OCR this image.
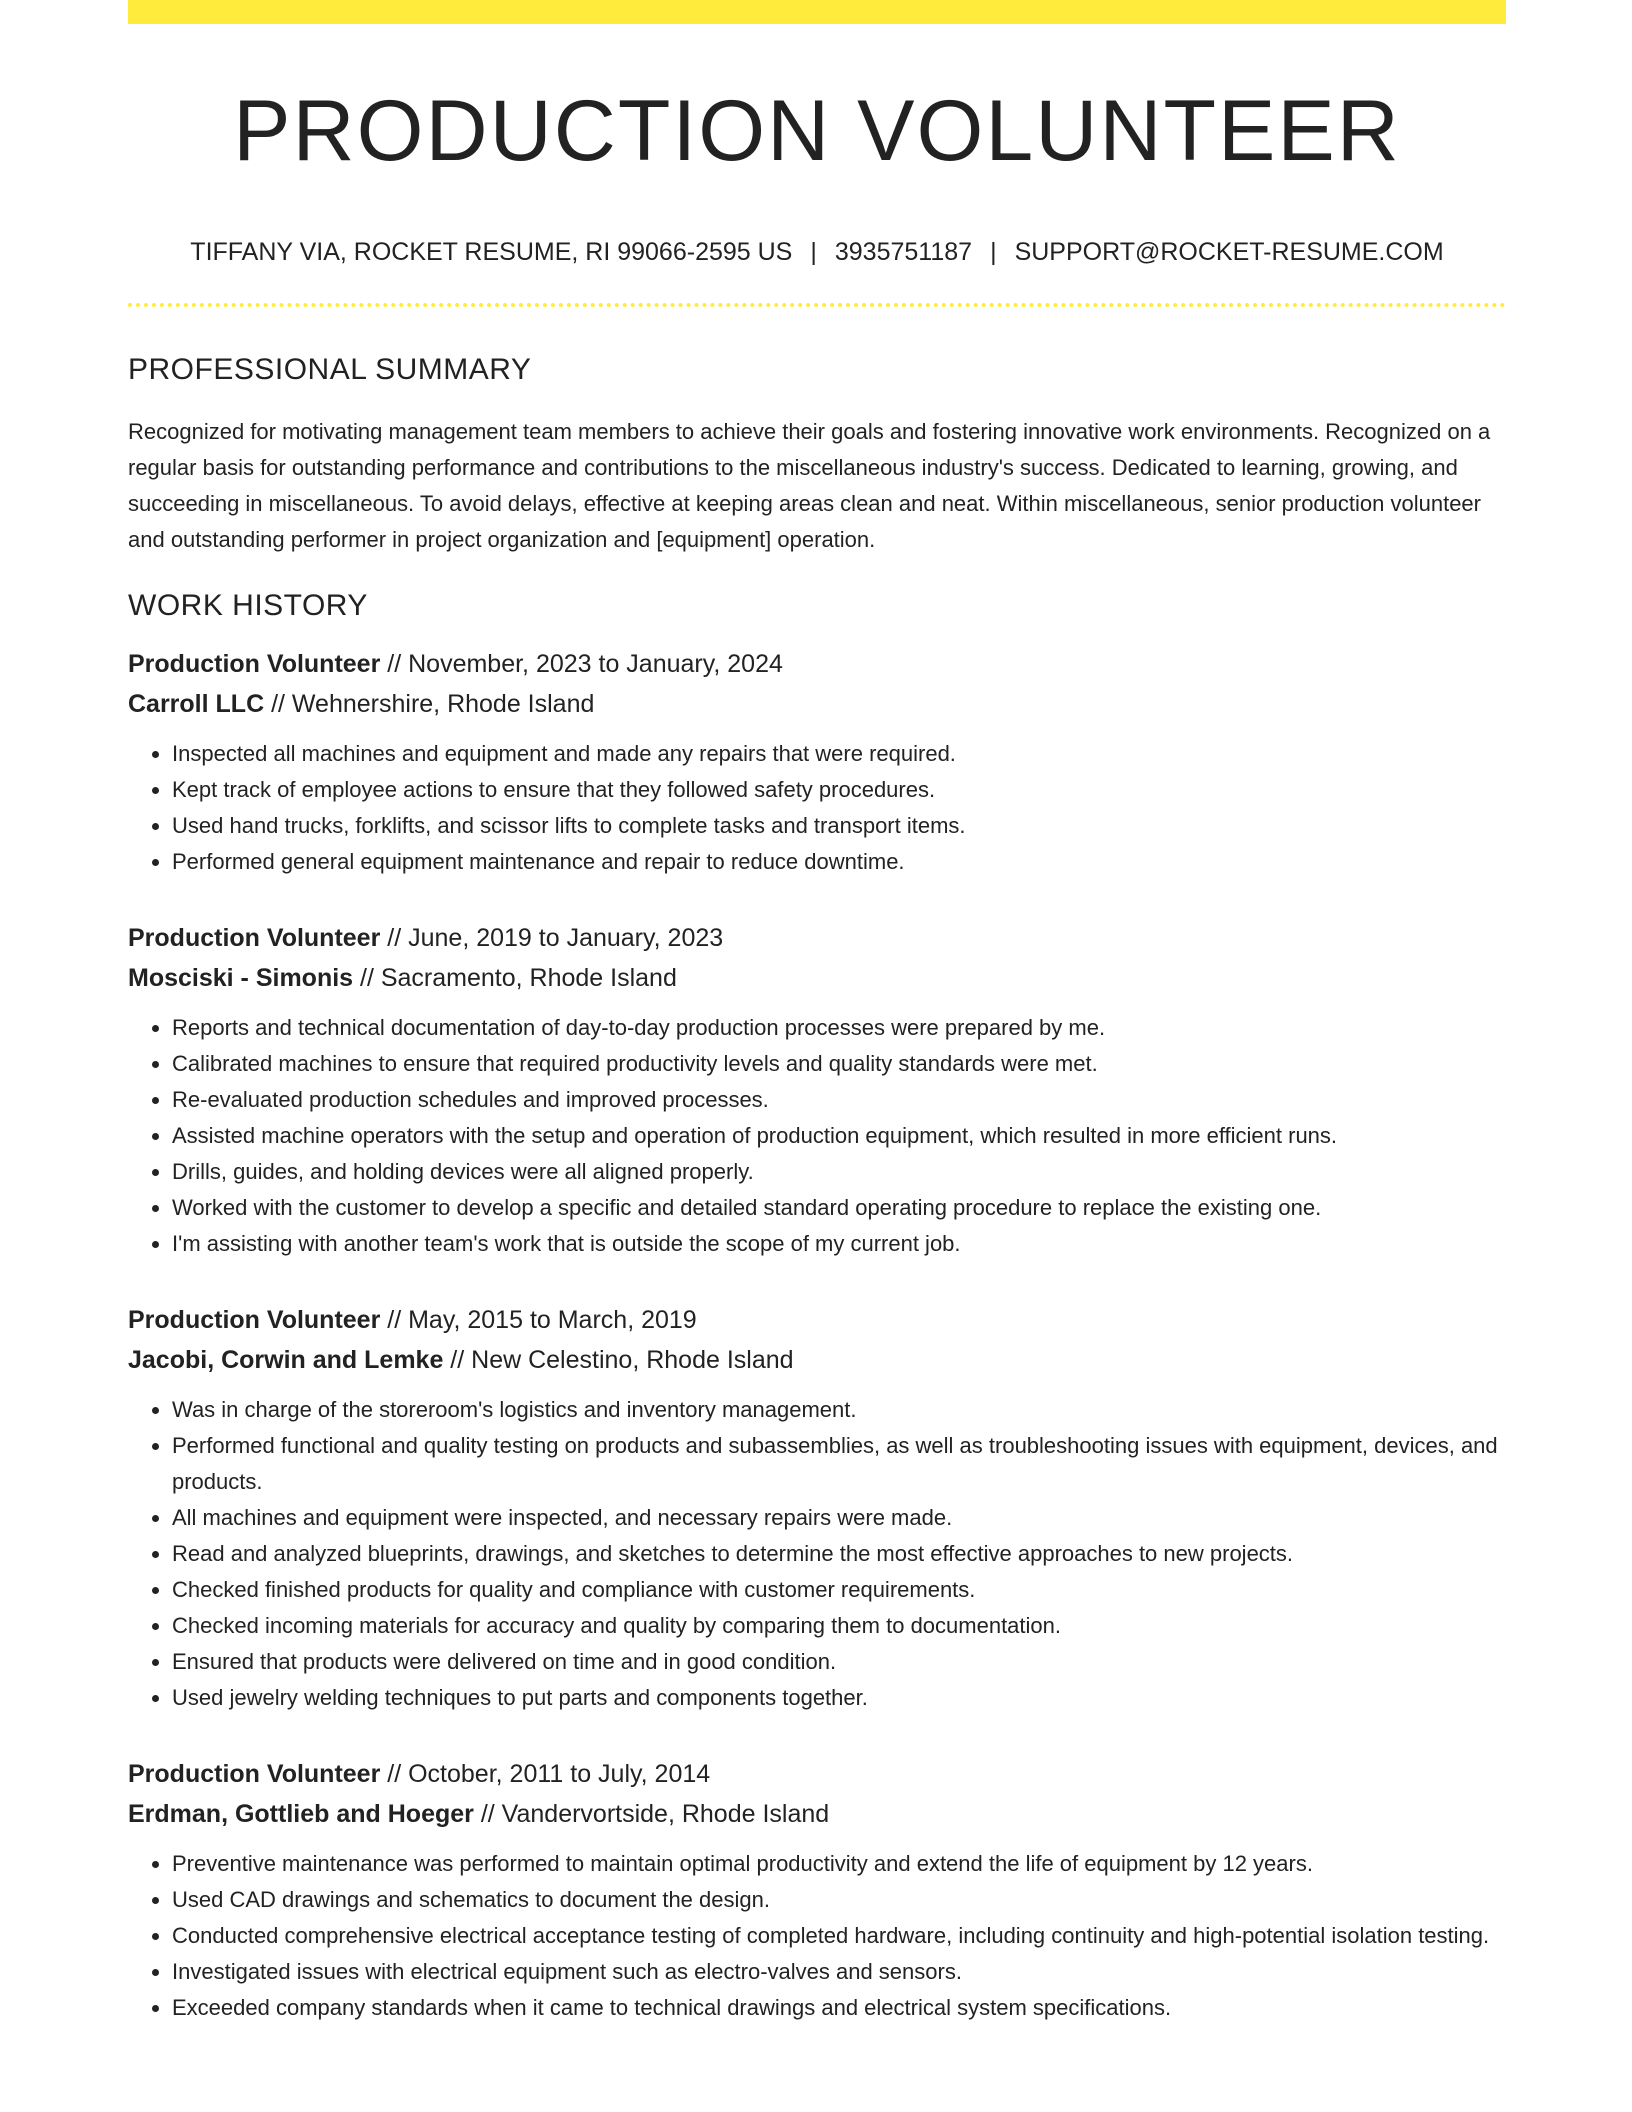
PRODUCTION VOLUNTEER
TIFFANY VIA, ROCKET RESUME, RI 99066-2595 US | 3935751187 | SUPPORT@ROCKET-RESUME.COM
PROFESSIONAL SUMMARY

Recognized for motivating management team members to achieve their goals and fostering innovative work environments. Recognized on a regular basis for outstanding performance and contributions to the miscellaneous industry's success. Dedicated to learning, growing, and succeeding in miscellaneous. To avoid delays, effective at keeping areas clean and neat. Within miscellaneous, senior production volunteer and outstanding performer in project organization and [equipment] operation.

WORK HISTORY
Production Volunteer // November, 2023 to January, 2024
Carroll LLC // Wehnershire, Rhode Island
• Inspected all machines and equipment and made any repairs that were required.
• Kept track of employee actions to ensure that they followed safety procedures.
• Used hand trucks, forklifts, and scissor lifts to complete tasks and transport items.
• Performed general equipment maintenance and repair to reduce downtime.
Production Volunteer // June, 2019 to January, 2023
Mosciski - Simonis // Sacramento, Rhode Island
• Reports and technical documentation of day-to-day production processes were prepared by me.
• Calibrated machines to ensure that required productivity levels and quality standards were met.
• Re-evaluated production schedules and improved processes.
• Assisted machine operators with the setup and operation of production equipment, which resulted in more efficient runs.
• Drills, guides, and holding devices were all aligned properly.
• Worked with the customer to develop a specific and detailed standard operating procedure to replace the existing one.
• I'm assisting with another team's work that is outside the scope of my current job.
Production Volunteer // May, 2015 to March, 2019
Jacobi, Corwin and Lemke // New Celestino, Rhode Island
• Was in charge of the storeroom's logistics and inventory management.
• Performed functional and quality testing on products and subassemblies, as well as troubleshooting issues with equipment, devices, and products.
• All machines and equipment were inspected, and necessary repairs were made.
• Read and analyzed blueprints, drawings, and sketches to determine the most effective approaches to new projects.
• Checked finished products for quality and compliance with customer requirements.
• Checked incoming materials for accuracy and quality by comparing them to documentation.
• Ensured that products were delivered on time and in good condition.
• Used jewelry welding techniques to put parts and components together.
Production Volunteer // October, 2011 to July, 2014
Erdman, Gottlieb and Hoeger // Vandervortside, Rhode Island
• Preventive maintenance was performed to maintain optimal productivity and extend the life of equipment by 12 years.
• Used CAD drawings and schematics to document the design.
• Conducted comprehensive electrical acceptance testing of completed hardware, including continuity and high-potential isolation testing.
• Investigated issues with electrical equipment such as electro-valves and sensors.
• Exceeded company standards when it came to technical drawings and electrical system specifications.
